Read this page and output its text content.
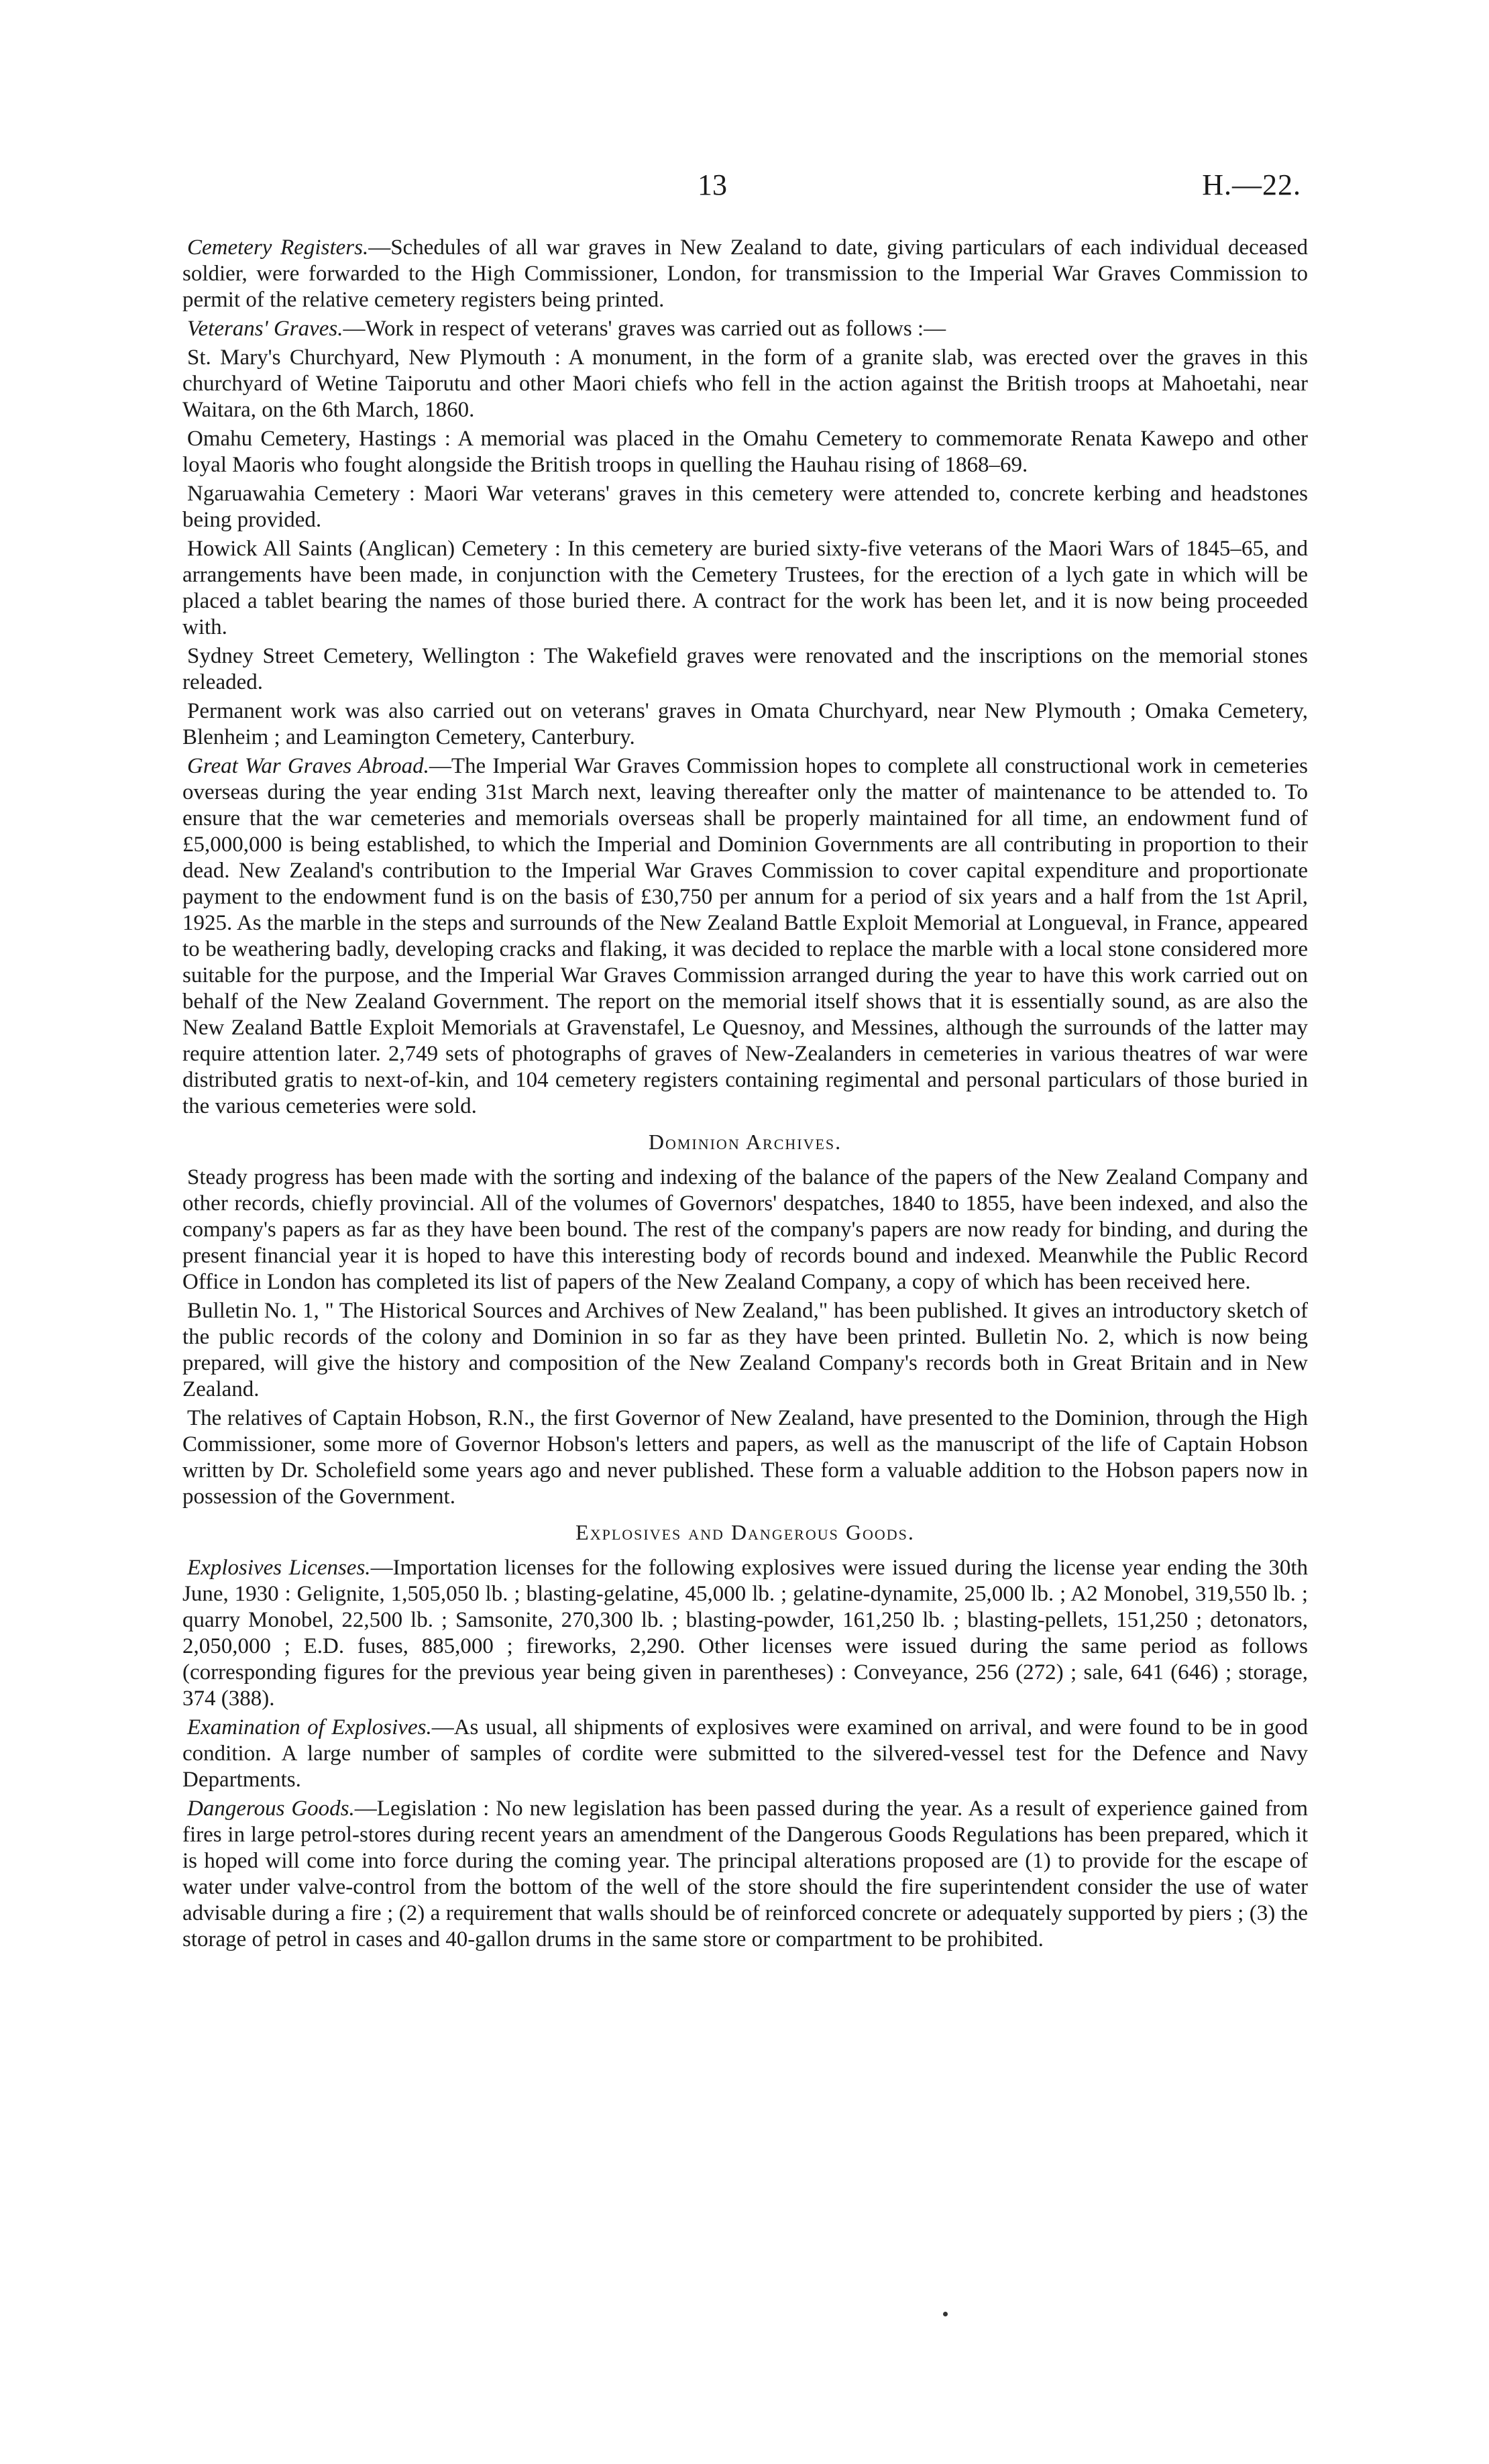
13	H.—22.

Cemetery Registers.—Schedules of all war graves in New Zealand to date, giving particulars of each individual deceased soldier, were forwarded to the High Commissioner, London, for transmission to the Imperial War Graves Commission to permit of the relative cemetery registers being printed.

Veterans' Graves.—Work in respect of veterans' graves was carried out as follows :—

St. Mary's Churchyard, New Plymouth : A monument, in the form of a granite slab, was erected over the graves in this churchyard of Wetine Taiporutu and other Maori chiefs who fell in the action against the British troops at Mahoetahi, near Waitara, on the 6th March, 1860.

Omahu Cemetery, Hastings : A memorial was placed in the Omahu Cemetery to commemorate Renata Kawepo and other loyal Maoris who fought alongside the British troops in quelling the Hauhau rising of 1868–69.

Ngaruawahia Cemetery : Maori War veterans' graves in this cemetery were attended to, concrete kerbing and headstones being provided.

Howick All Saints (Anglican) Cemetery : In this cemetery are buried sixty-five veterans of the Maori Wars of 1845–65, and arrangements have been made, in conjunction with the Cemetery Trustees, for the erection of a lych gate in which will be placed a tablet bearing the names of those buried there. A contract for the work has been let, and it is now being proceeded with.

Sydney Street Cemetery, Wellington : The Wakefield graves were renovated and the inscriptions on the memorial stones releaded.

Permanent work was also carried out on veterans' graves in Omata Churchyard, near New Plymouth ; Omaka Cemetery, Blenheim ; and Leamington Cemetery, Canterbury.

Great War Graves Abroad.—The Imperial War Graves Commission hopes to complete all constructional work in cemeteries overseas during the year ending 31st March next, leaving thereafter only the matter of maintenance to be attended to. To ensure that the war cemeteries and memorials overseas shall be properly maintained for all time, an endowment fund of £5,000,000 is being established, to which the Imperial and Dominion Governments are all contributing in proportion to their dead. New Zealand's contribution to the Imperial War Graves Commission to cover capital expenditure and proportionate payment to the endowment fund is on the basis of £30,750 per annum for a period of six years and a half from the 1st April, 1925. As the marble in the steps and surrounds of the New Zealand Battle Exploit Memorial at Longueval, in France, appeared to be weathering badly, developing cracks and flaking, it was decided to replace the marble with a local stone considered more suitable for the purpose, and the Imperial War Graves Commission arranged during the year to have this work carried out on behalf of the New Zealand Government. The report on the memorial itself shows that it is essentially sound, as are also the New Zealand Battle Exploit Memorials at Gravenstafel, Le Quesnoy, and Messines, although the surrounds of the latter may require attention later. 2,749 sets of photographs of graves of New-Zealanders in cemeteries in various theatres of war were distributed gratis to next-of-kin, and 104 cemetery registers containing regimental and personal particulars of those buried in the various cemeteries were sold.

Dominion Archives.

Steady progress has been made with the sorting and indexing of the balance of the papers of the New Zealand Company and other records, chiefly provincial. All of the volumes of Governors' despatches, 1840 to 1855, have been indexed, and also the company's papers as far as they have been bound. The rest of the company's papers are now ready for binding, and during the present financial year it is hoped to have this interesting body of records bound and indexed. Meanwhile the Public Record Office in London has completed its list of papers of the New Zealand Company, a copy of which has been received here.

Bulletin No. 1, " The Historical Sources and Archives of New Zealand," has been published. It gives an introductory sketch of the public records of the colony and Dominion in so far as they have been printed. Bulletin No. 2, which is now being prepared, will give the history and composition of the New Zealand Company's records both in Great Britain and in New Zealand.

The relatives of Captain Hobson, R.N., the first Governor of New Zealand, have presented to the Dominion, through the High Commissioner, some more of Governor Hobson's letters and papers, as well as the manuscript of the life of Captain Hobson written by Dr. Scholefield some years ago and never published. These form a valuable addition to the Hobson papers now in possession of the Government.

Explosives and Dangerous Goods.

Explosives Licenses.—Importation licenses for the following explosives were issued during the license year ending the 30th June, 1930 : Gelignite, 1,505,050 lb. ; blasting-gelatine, 45,000 lb. ; gelatine-dynamite, 25,000 lb. ; A2 Monobel, 319,550 lb. ; quarry Monobel, 22,500 lb. ; Samsonite, 270,300 lb. ; blasting-powder, 161,250 lb. ; blasting-pellets, 151,250 ; detonators, 2,050,000 ; E.D. fuses, 885,000 ; fireworks, 2,290. Other licenses were issued during the same period as follows (corresponding figures for the previous year being given in parentheses) : Conveyance, 256 (272) ; sale, 641 (646) ; storage, 374 (388).

Examination of Explosives.—As usual, all shipments of explosives were examined on arrival, and were found to be in good condition. A large number of samples of cordite were submitted to the silvered-vessel test for the Defence and Navy Departments.

Dangerous Goods.—Legislation : No new legislation has been passed during the year. As a result of experience gained from fires in large petrol-stores during recent years an amendment of the Dangerous Goods Regulations has been prepared, which it is hoped will come into force during the coming year. The principal alterations proposed are (1) to provide for the escape of water under valve-control from the bottom of the well of the store should the fire superintendent consider the use of water advisable during a fire ; (2) a requirement that walls should be of reinforced concrete or adequately supported by piers ; (3) the storage of petrol in cases and 40-gallon drums in the same store or compartment to be prohibited.
